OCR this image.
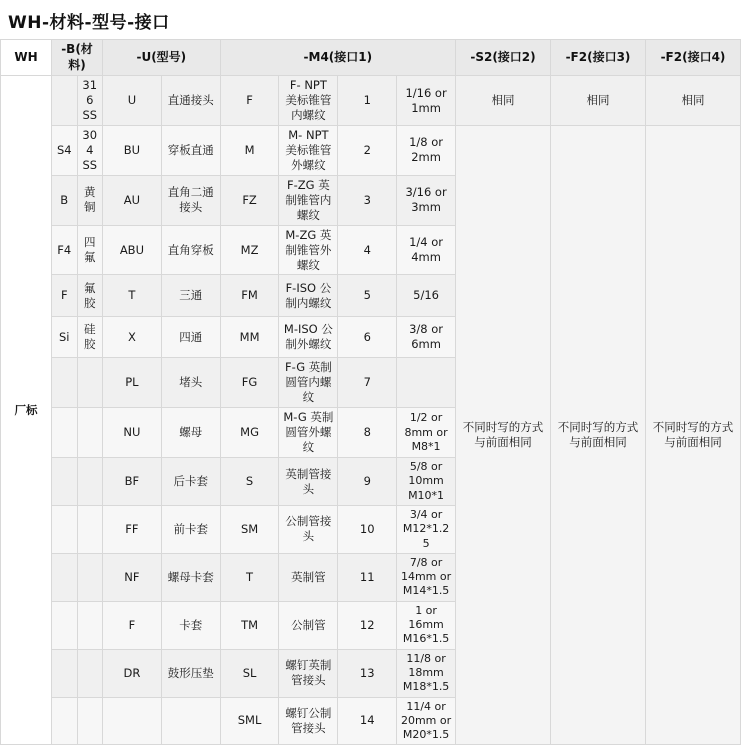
WH-材料-型号-接口
WH	-B(材料)		-U(型号)		-M4(接口1)				-S2(接口2)	-F2(接口3)	-F2(接口4)
厂标		316 SS	U	直通接头	F	F- NPT 美标锥管内螺纹	1	1/16 or 1mm	相同	相同	相同
	S4	304 SS	BU	穿板直通	M	M- NPT 美标锥管外螺纹	2	1/8 or 2mm	不同时写的方式与前面相同	不同时写的方式与前面相同	不同时写的方式与前面相同
	B	黄铜	AU	直角二通接头	FZ	F-ZG 英制锥管内螺纹	3	3/16 or 3mm			
	F4	四氟	ABU	直角穿板	MZ	M-ZG 英制锥管外螺纹	4	1/4 or 4mm			
	F	氟胶	T	三通	FM	F-ISO 公制内螺纹	5	5/16			
	Si	硅胶	X	四通	MM	M-ISO 公制外螺纹	6	3/8 or 6mm			
			PL	堵头	FG	F-G 英制圆管内螺纹	7				
			NU	螺母	MG	M-G 英制圆管外螺纹	8	1/2 or 8mm or M8*1			
			BF	后卡套	S	英制管接头	9	5/8 or 10mm M10*1			
			FF	前卡套	SM	公制管接头	10	3/4 or M12*1.25			
			NF	螺母卡套	T	英制管	11	7/8 or 14mm or M14*1.5			
			F	卡套	TM	公制管	12	1 or 16mm M16*1.5			
			DR	鼓形压垫	SL	螺钉英制管接头	13	11/8 or 18mm M18*1.5			
					SML	螺钉公制管接头	14	11/4 or 20mm or M20*1.5			
